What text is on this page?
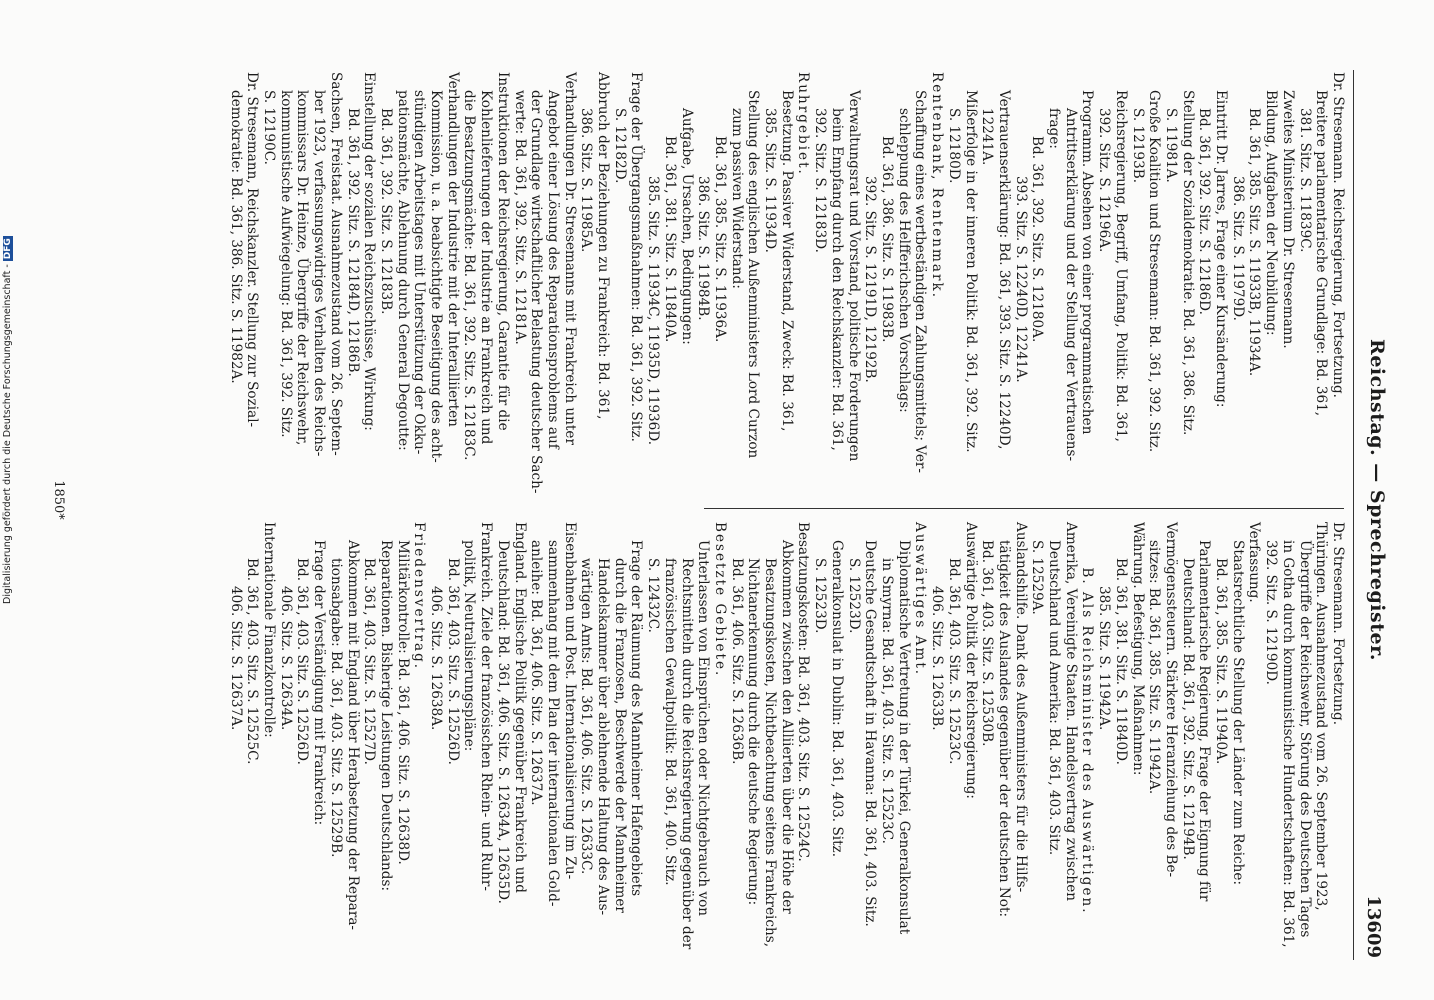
Reichstag. — Sprechregister.
13609

Dr. Stresemann. Reichsregierung, Fortsetzung.

Breitere parlamentarische Grundlage: Bd. 361,

381. Sitz. S. 11839C.

Zweites Ministerium Dr. Stresemann.

Bildung, Aufgaben der Neubildung:

Bd. 361, 385. Sitz. S. 11933B, 11934A.

386. Sitz. S. 11979D.

Eintritt Dr. Jarres, Frage einer Kursänderung:

Bd. 361, 392. Sitz. S. 12186D.

Stellung der Sozialdemokratie. Bd. 361, 386. Sitz.

S. 11981A.

Große Koalition und Stresemann: Bd. 361, 392. Sitz.

S. 12193B.

Reichsregierung, Begriff, Umfang, Politik: Bd. 361,

392. Sitz. S. 12196A.

Programm. Absehen von einer programmatischen

Antrittserklärung und der Stellung der Vertrauens-

frage:

Bd. 361, 392. Sitz. S. 12180A.

393. Sitz. S. 12240D, 12241A.

Vertrauenserklärung: Bd. 361, 393. Sitz. S. 12240D,

12241A.

Mißerfolge in der inneren Politik: Bd. 361, 392. Sitz.

S. 12180D.

Rentenbank, Rentenmark.

Schaffung eines wertbeständigen Zahlungsmittels; Ver-

schleppung des Helfferichschen Vorschlags:

Bd. 361, 386. Sitz. S. 11983B.

392. Sitz. S. 12191D, 12192B.

Verwaltungsrat und Vorstand, politische Forderungen

beim Empfang durch den Reichskanzler: Bd. 361,

392. Sitz. S. 12183D.

Ruhrgebiet.

Besetzung. Passiver Widerstand, Zweck: Bd. 361,

385. Sitz. S. 11934D.

Stellung des englischen Außenministers Lord Curzon

zum passiven Widerstand:

Bd. 361, 385. Sitz. S. 11936A.

386. Sitz. S. 11984B.

Aufgabe, Ursachen, Bedingungen:

Bd. 361, 381. Sitz. S. 11840A.

385. Sitz. S. 11934C, 11935D, 11936D.

Frage der Übergangsmaßnahmen: Bd. 361, 392. Sitz.

S. 12182D.

Abbruch der Beziehungen zu Frankreich: Bd. 361,

386. Sitz. S. 11985A.

Verhandlungen Dr. Stresemanns mit Frankreich unter

Angebot einer Lösung des Reparationsproblems auf

der Grundlage wirtschaftlicher Belastung deutscher Sach-

werte: Bd. 361, 392. Sitz. S. 12181A.

Instruktionen der Reichsregierung, Garantie für die

Kohlenlieferungen der Industrie an Frankreich und

die Besatzungsmächte: Bd. 361, 392. Sitz. S. 12183C.

Verhandlungen der Industrie mit der Interalliierten

Kommission, u. a. beabsichtigte Beseitigung des acht-

stündigen Arbeitstages mit Unterstützung der Okku-

pationsmächte, Ablehnung durch General Degoutte:

Bd. 361, 392. Sitz. S. 12183B.

Einstellung der sozialen Reichszuschüsse, Wirkung:

Bd. 361, 392. Sitz. S. 12184D, 12186B.

Sachsen, Freistaat. Ausnahmezustand vom 26. Septem-

ber 1923, verfassungswidriges Verhalten des Reichs-

kommissars Dr. Heinze, Übergriffe der Reichswehr,

kommunistische Aufwiegelung: Bd. 361, 392. Sitz.

S. 12190C.

Dr. Stresemann, Reichskanzler. Stellung zur Sozial-

demokratie: Bd. 361, 386. Sitz. S. 11982A.

Dr. Stresemann. Fortsetzung.

Thüringen. Ausnahmezustand vom 26. September 1923,

Übergriffe der Reichswehr, Störung des Deutschen Tages

in Gotha durch kommunistische Hundertschaften: Bd. 361,

392. Sitz. S. 12190D.

Verfassung.

Staatsrechtliche Stellung der Länder zum Reiche:

Bd. 361, 385. Sitz. S. 11940A.

Parlamentarische Regierung, Frage der Eignung für

Deutschland: Bd. 361, 392. Sitz. S. 12194B.

Vermögenssteuern. Stärkere Heranziehung des Be-

sitzes: Bd. 361, 385. Sitz. S. 11942A.

Währung. Befestigung, Maßnahmen:

Bd. 361, 381. Sitz. S. 11840D.

385. Sitz. S. 11942A.

B. Als Reichsminister des Auswärtigen.

Amerika, Vereinigte Staaten. Handelsvertrag zwischen

Deutschland und Amerika: Bd. 361, 403. Sitz.

S. 12529A.

Auslandshilfe. Dank des Außenministers für die Hilfs-

tätigkeit des Auslandes gegenüber der deutschen Not:

Bd. 361, 403. Sitz. S. 12530B.

Auswärtige Politik der Reichsregierung:

Bd. 361, 403. Sitz. S. 12523C.

406. Sitz. S. 12633B.

Auswärtiges Amt.

Diplomatische Vertretung in der Türkei, Generalkonsulat

in Smyrna: Bd. 361, 403. Sitz. S. 12523C.

Deutsche Gesandtschaft in Havanna: Bd. 361, 403. Sitz.

S. 12523D.

Generalkonsulat in Dublin: Bd. 361, 403. Sitz.

S. 12523D.

Besatzungskosten: Bd. 361, 403. Sitz. S. 12524C.

Abkommen zwischen den Alliierten über die Höhe der

Besatzungskosten, Nichtbeachtung seitens Frankreichs,

Nichtanerkennung durch die deutsche Regierung:

Bd. 361, 406. Sitz. S. 12636B.

Besetzte Gebiete.

Unterlassen von Einsprüchen oder Nichtgebrauch von

Rechtsmitteln durch die Reichsregierung gegenüber der

französischen Gewaltpolitik: Bd. 361, 400. Sitz.

S. 12432C.

Frage der Räumung des Mannheimer Hafengebiets

durch die Franzosen, Beschwerde der Mannheimer

Handelskammer über ablehnende Haltung des Aus-

wärtigen Amts: Bd. 361, 406. Sitz. S. 12633C.

Eisenbahnen und Post. Internationalisierung im Zu-

sammenhang mit dem Plan der internationalen Gold-

anleihe: Bd. 361, 406. Sitz. S. 12637A.

England. Englische Politik gegenüber Frankreich und

Deutschland: Bd. 361, 406. Sitz. S. 12634A, 12635D.

Frankreich. Ziele der französischen Rhein- und Ruhr-

politik, Neutralisierungspläne:

Bd. 361, 403. Sitz. S. 12526D.

406. Sitz. S. 12638A.

Friedensvertrag.

Militärkontrolle: Bd. 361, 406. Sitz. S. 12638D.

Reparationen. Bisherige Leistungen Deutschlands:

Bd. 361, 403. Sitz. S. 12527D.

Abkommen mit England über Herabsetzung der Repara-

tionsabgabe: Bd. 361, 403. Sitz. S. 12529B.

Frage der Verständigung mit Frankreich:

Bd. 361, 403. Sitz. S. 12526D.

406. Sitz. S. 12634A.

Internationale Finanzkontrolle:

Bd. 361, 403. Sitz. S. 12525C.

406. Sitz. S. 12637A.

1850*
Digitalisierung gefördert durch die Deutsche Forschungsgemeinschaft -DFG
